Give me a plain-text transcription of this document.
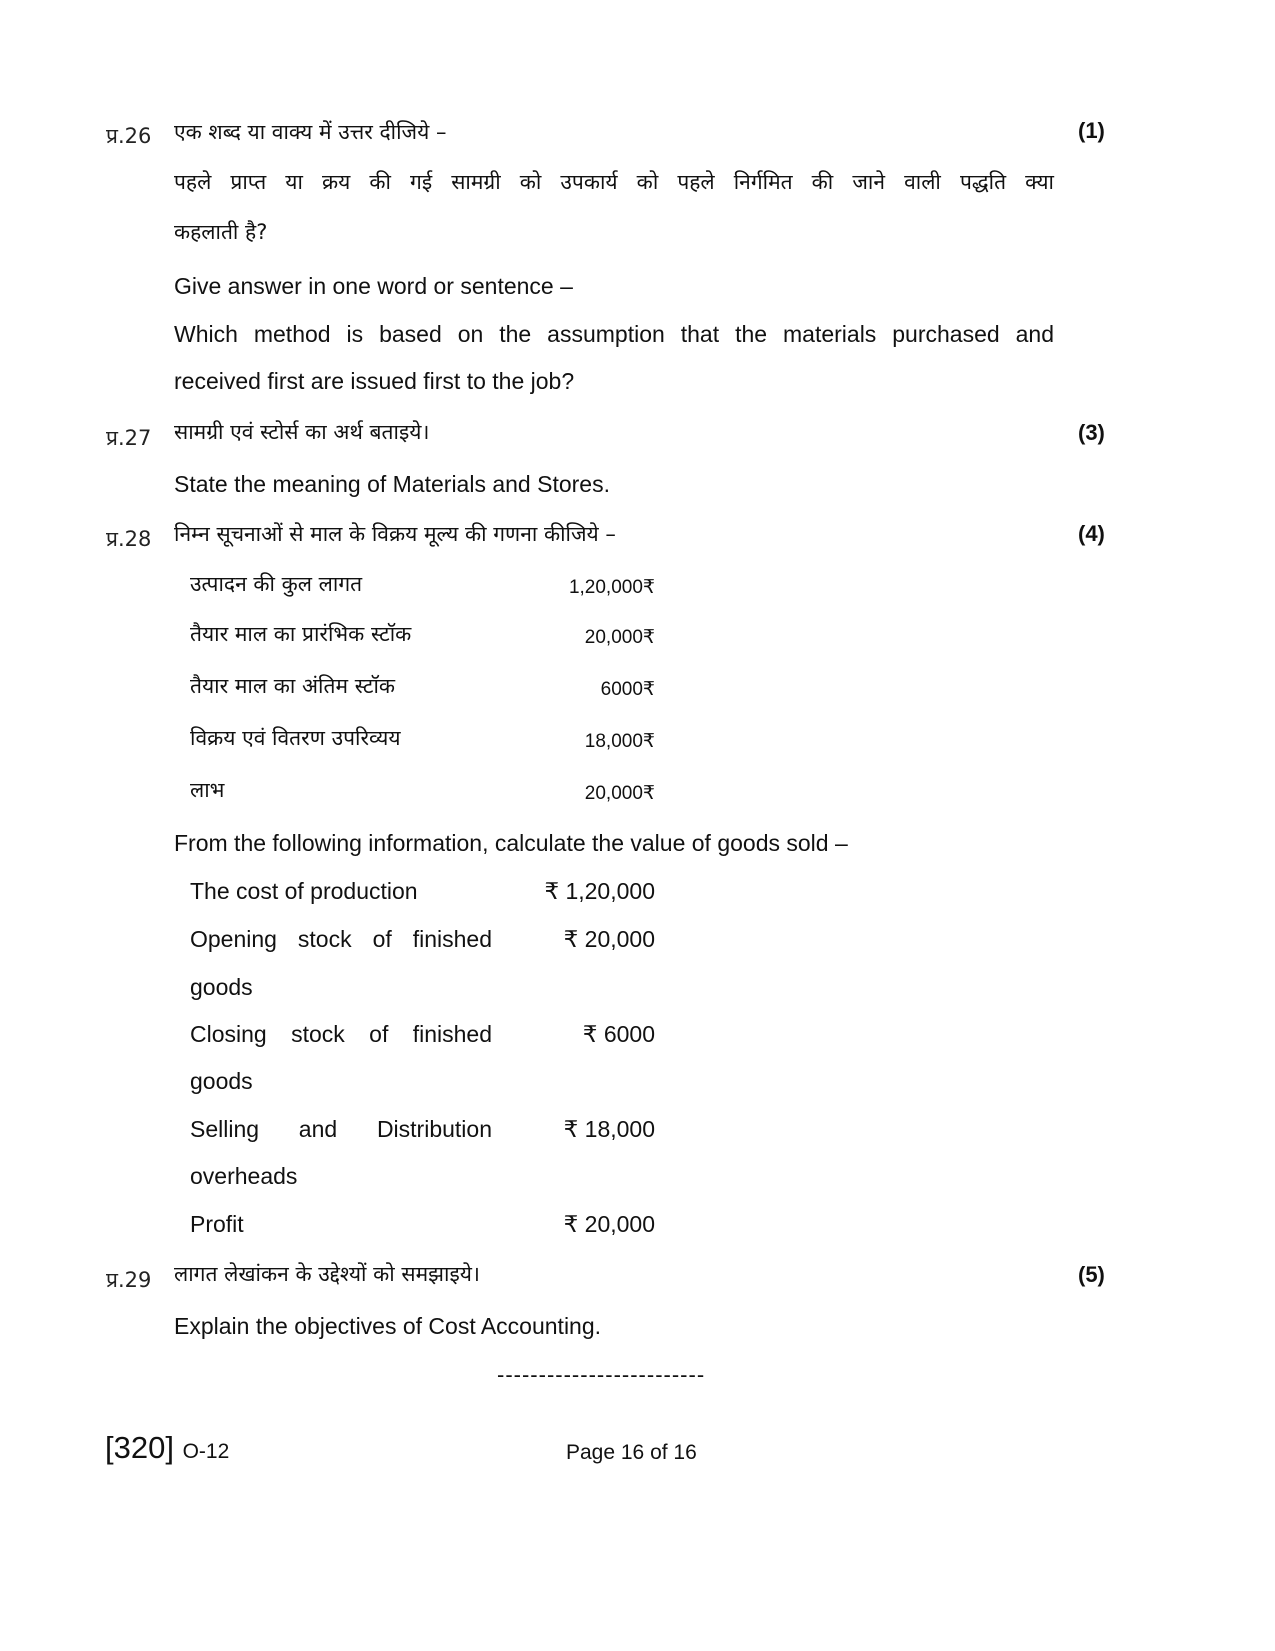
प्र.26	(1)
एक शब्द या वाक्य में उत्तर दीजिये –
पहले प्राप्त या क्रय की गई सामग्री को उपकार्य को पहले निर्गमित की जाने वाली पद्धति क्या
कहलाती है?
Give answer in one word or sentence –
Which method is based on the assumption that the materials purchased and
received first are issued first to the job?
प्र.27	(3)
सामग्री एवं स्टोर्स का अर्थ बताइये।
State the meaning of Materials and Stores.
प्र.28	(4)
निम्न सूचनाओं से माल के विक्रय मूल्य की गणना कीजिये –
उत्पादन की कुल लागत	1,20,000₹
तैयार माल का प्रारंभिक स्टॉक	20,000₹
तैयार माल का अंतिम स्टॉक	6000₹
विक्रय एवं वितरण उपरिव्यय	18,000₹
लाभ	20,000₹
From the following information, calculate the value of goods sold –
The cost of production	₹ 1,20,000
Opening stock of finished	₹ 20,000
goods
Closing stock of finished	₹ 6000
goods
Selling and Distribution	₹ 18,000
overheads
Profit	₹ 20,000
प्र.29	(5)
लागत लेखांकन के उद्देश्यों को समझाइये।
Explain the objectives of Cost Accounting.
-------------------------
[320] O-12	Page 16 of 16
